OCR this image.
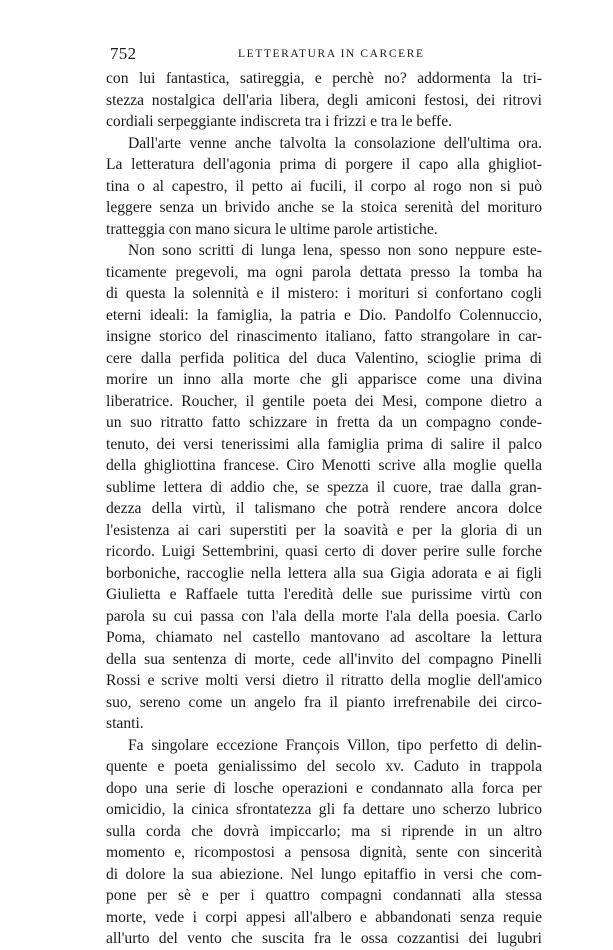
752	LETTERATURA IN CARCERE
con lui fantastica, satireggia, e perchè no? addormenta la tri-
stezza nostalgica dell'aria libera, degli amiconi festosi, dei ritrovi
cordiali serpeggiante indiscreta tra i frizzi e tra le beffe.
Dall'arte venne anche talvolta la consolazione dell'ultima ora.
La letteratura dell'agonia prima di porgere il capo alla ghigliot-
tina o al capestro, il petto ai fucili, il corpo al rogo non si può
leggere senza un brivido anche se la stoica serenità del morituro
tratteggia con mano sicura le ultime parole artistiche.
Non sono scritti di lunga lena, spesso non sono neppure este-
ticamente pregevoli, ma ogni parola dettata presso la tomba ha
di questa la solennità e il mistero: i morituri si confortano cogli
eterni ideali: la famiglia, la patria e Dio. Pandolfo Colennuccio,
insigne storico del rinascimento italiano, fatto strangolare in car-
cere dalla perfida politica del duca Valentino, scioglie prima di
morire un inno alla morte che gli apparisce come una divina
liberatrice. Roucher, il gentile poeta dei Mesi, compone dietro a
un suo ritratto fatto schizzare in fretta da un compagno conde-
tenuto, dei versi tenerissimi alla famiglia prima di salire il palco
della ghigliottina francese. Ciro Menotti scrive alla moglie quella
sublime lettera di addio che, se spezza il cuore, trae dalla gran-
dezza della virtù, il talismano che potrà rendere ancora dolce
l'esistenza ai cari superstiti per la soavità e per la gloria di un
ricordo. Luigi Settembrini, quasi certo di dover perire sulle forche
borboniche, raccoglie nella lettera alla sua Gigia adorata e ai figli
Giulietta e Raffaele tutta l'eredità delle sue purissime virtù con
parola su cui passa con l'ala della morte l'ala della poesia. Carlo
Poma, chiamato nel castello mantovano ad ascoltare la lettura
della sua sentenza di morte, cede all'invito del compagno Pinelli
Rossi e scrive molti versi dietro il ritratto della moglie dell'amico
suo, sereno come un angelo fra il pianto irrefrenabile dei circo-
stanti.
Fa singolare eccezione François Villon, tipo perfetto di delin-
quente e poeta genialissimo del secolo xv. Caduto in trappola
dopo una serie di losche operazioni e condannato alla forca per
omicidio, la cinica sfrontatezza gli fa dettare uno scherzo lubrico
sulla corda che dovrà impiccarlo; ma si riprende in un altro
momento e, ricompostosi a pensosa dignità, sente con sincerità
di dolore la sua abiezione. Nel lungo epitaffio in versi che com-
pone per sè e per i quattro compagni condannati alla stessa
morte, vede i corpi appesi all'albero e abbandonati senza requie
all'urto del vento che suscita fra le ossa cozzantisi dei lugubri
